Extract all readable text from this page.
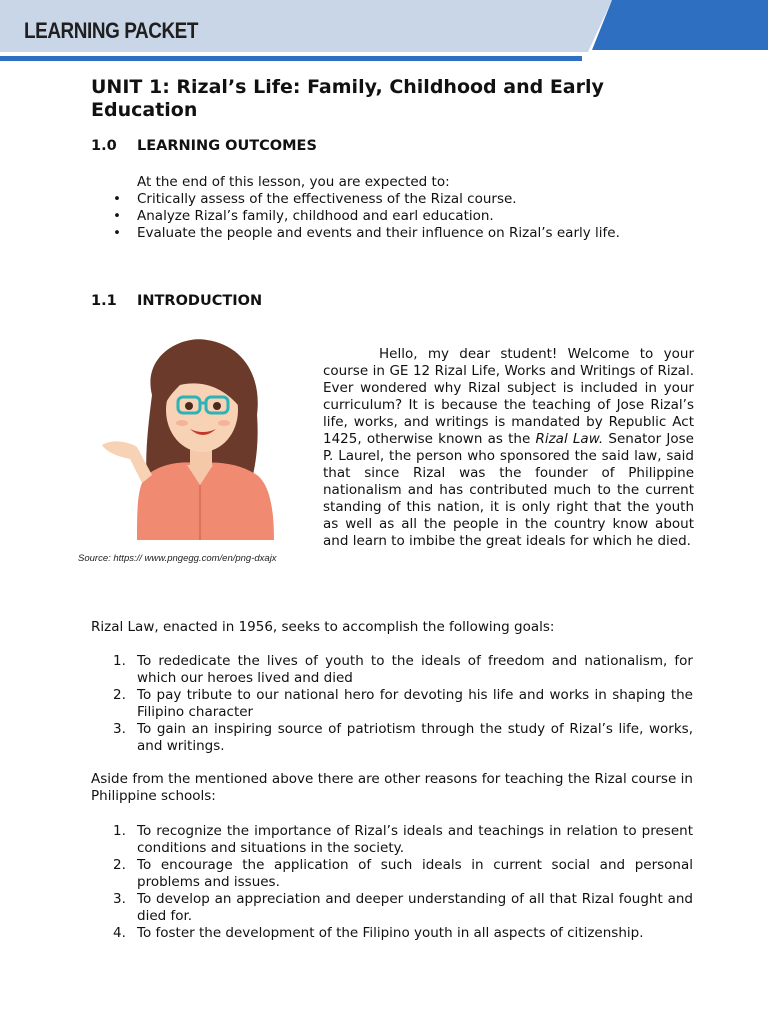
LEARNING PACKET
UNIT 1: Rizal’s Life: Family, Childhood and Early
Education
1.0 LEARNING OUTCOMES
At the end of this lesson, you are expected to:
• Critically assess of the effectiveness of the Rizal course.
• Analyze Rizal’s family, childhood and earl education.
• Evaluate the people and events and their influence on Rizal’s early life.
1.1 INTRODUCTION
Source: https:// www.pngegg.com/en/png-dxajx
Hello, my dear student! Welcome to your course in GE 12 Rizal Life, Works and Writings of Rizal. Ever wondered why Rizal subject is included in your curriculum? It is because the teaching of Jose Rizal’s life, works, and writings is mandated by Republic Act 1425, otherwise known as the Rizal Law. Senator Jose P. Laurel, the person who sponsored the said law, said that since Rizal was the founder of Philippine nationalism and has contributed much to the current standing of this nation, it is only right that the youth as well as all the people in the country know about and learn to imbibe the great ideals for which he died.
Rizal Law, enacted in 1956, seeks to accomplish the following goals:
1. To rededicate the lives of youth to the ideals of freedom and nationalism, for which our heroes lived and died
2. To pay tribute to our national hero for devoting his life and works in shaping the Filipino character
3. To gain an inspiring source of patriotism through the study of Rizal’s life, works, and writings.
Aside from the mentioned above there are other reasons for teaching the Rizal course in Philippine schools:
1. To recognize the importance of Rizal’s ideals and teachings in relation to present conditions and situations in the society.
2. To encourage the application of such ideals in current social and personal problems and issues.
3. To develop an appreciation and deeper understanding of all that Rizal fought and died for.
4. To foster the development of the Filipino youth in all aspects of citizenship.
